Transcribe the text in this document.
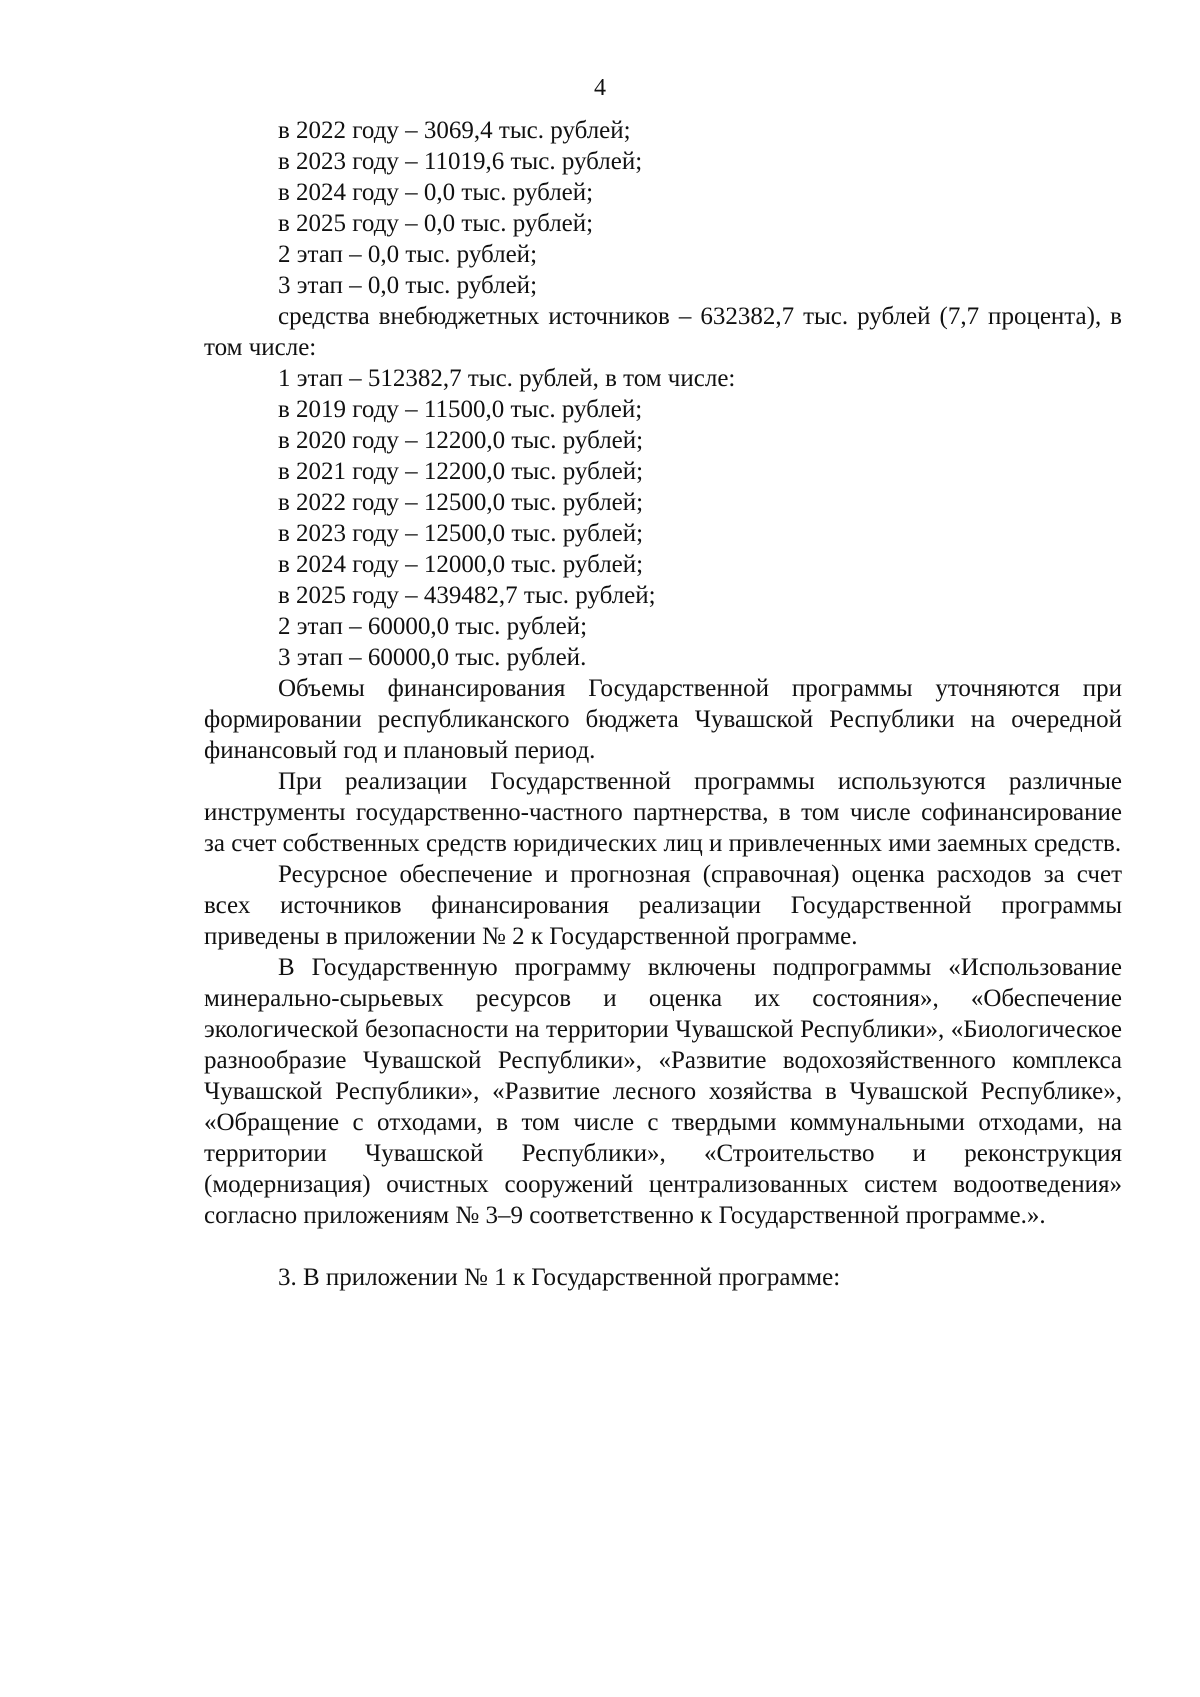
4

в 2022 году – 3069,4 тыс. рублей;

в 2023 году – 11019,6 тыс. рублей;

в 2024 году – 0,0 тыс. рублей;

в 2025 году – 0,0 тыс. рублей;

2 этап – 0,0 тыс. рублей;

3 этап – 0,0 тыс. рублей;

средства внебюджетных источников – 632382,7 тыс. рублей (7,7 процента), в том числе:

1 этап – 512382,7 тыс. рублей, в том числе:

в 2019 году – 11500,0 тыс. рублей;

в 2020 году – 12200,0 тыс. рублей;

в 2021 году – 12200,0 тыс. рублей;

в 2022 году – 12500,0 тыс. рублей;

в 2023 году – 12500,0 тыс. рублей;

в 2024 году – 12000,0 тыс. рублей;

в 2025 году – 439482,7 тыс. рублей;

2 этап – 60000,0 тыс. рублей;

3 этап – 60000,0 тыс. рублей.

Объемы финансирования Государственной программы уточняются при формировании республиканского бюджета Чувашской Республики на очередной финансовый год и плановый период.

При реализации Государственной программы используются различные инструменты государственно-частного партнерства, в том числе софинансирование за счет собственных средств юридических лиц и привлеченных ими заемных средств.

Ресурсное обеспечение и прогнозная (справочная) оценка расходов за счет всех источников финансирования реализации Государственной программы приведены в приложении № 2 к Государственной программе.

В Государственную программу включены подпрограммы «Использование минерально-сырьевых ресурсов и оценка их состояния», «Обеспечение экологической безопасности на территории Чувашской Республики», «Биологическое разнообразие Чувашской Республики», «Развитие водохозяйственного комплекса Чувашской Республики», «Развитие лесного хозяйства в Чувашской Республике», «Обращение с отходами, в том числе с твердыми коммунальными отходами, на территории Чувашской Республики», «Строительство и реконструкция (модернизация) очистных сооружений централизованных систем водоотведения» согласно приложениям № 3–9 соответственно к Государственной программе.».

3. В приложении № 1 к Государственной программе:
